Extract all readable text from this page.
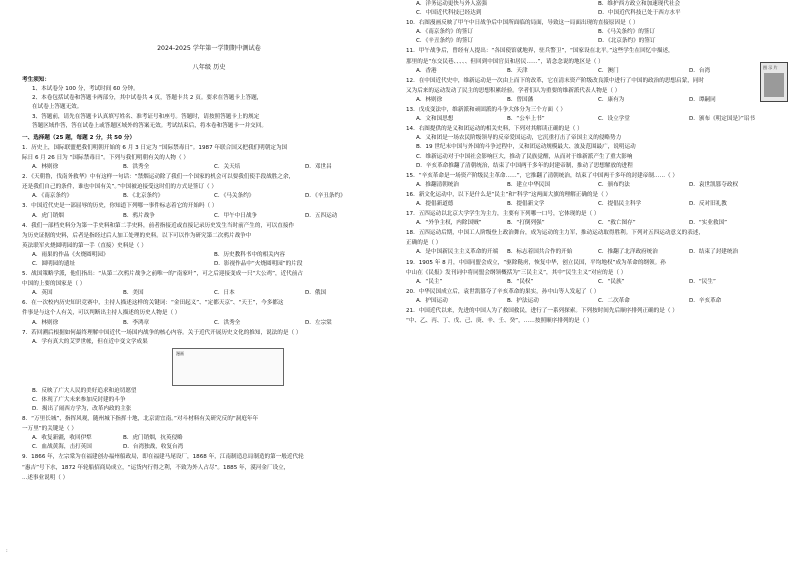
2024-2025 学年第一学期期中测试卷
八年级 历史
考生须知：
1、本试卷分 100 分，考试时间 60 分钟。
2、本卷包括试卷和答题卡两部分，其中试卷共 4 页，答题卡共 2 页。要求在答题卡上答题，
在试卷上答题无效。
3、答题前，请先在答题卡认真填写姓名、准考证号和座号。答题时，请按照答题卡上的规定
答题区域作答，答在试卷上或答题区域外的答案无效。考试结束后，将本卷和答题卡一并交回。
一、选择题（25 题，每题 2 分，共 50 分）
1．历史上，国际联盟把我们明朝开始的 6 月 3 日定为 “国际禁毒日”。1987 年联合国又把我们明朝定为国
际日 6 月 26 日为 “国际禁毒日”。下列与我们明朝有关的人物（ ）
A．林则徐	B．洪秀全	C．关天培	D．邓世昌
2．《天朝鲁，伐南务救华》中有这样一句话：“禁烟运动除了我们一个国家的机会可以要我们使手段战胜之余，
还是我们自己的条件，谁也中国有关”。”中国被迫接受这时们的方式是签订（ ）
A．《南京条约》	B．《北京条约》	C．《马关条约》	D．《辛丑条约》
3．中国近代史是一部屈辱的历史，你知道下列哪一事件标志着它的开始吗（ ）
A．虎门销烟	B．鸦片战争	C．甲午中日战争	D．五四运动
4．我们一部档史料分为第一手史料和第二手史料，前者指接近或直接记录历史发生当时前产生的，可以直接作
为历史证据的史料，后者是指经过后人加工处理的史料。以下可以作为研究第二次鸦片战争中
英法联军火烧圆明园的第一手（直接）史料是（ ）
A．雨果的作品《火烧圆明园》	B．历史教科书中的相关内容
C．圆明园的遗址	D．影视作品中“火烧圆明园”的片段
5．战国策略学派，他们指出：“从第二次鸦片战争之前唯一的“南家叶”，可之后迎接变成一只“大公鸡”，近代前占
中国的上要的国家是（ ）
A．英国	B．美国	C．日本	D．俄国
6．在一次校内历史知识竞赛中，主持人描述这样的关键词：“金田起义”、“定都天京”、“天王”，今多都这
件事是与这个人有关，可以判断出主持人描述的历史人物是（ ）
A．林则徐	B．李鸿章	C．洪秀全	D．左宗棠
7．若回溯后根据如何最终理解中国近代一场国内战争的核心内容。关于近代开展历史文化的推知，说法的是（ ）
A．学有真大的艾罗世帐，但在近中变文学成果
漫画
B．反映了广大人民的美好追求和迫切愿望
C．体现了广大未来参加反封建的斗争
D．揭出了闹西方学为，改革内政的主张
8．“万里长城”，指挥风观，随州城下指挥十地，北京需宜南。”对斗材料有关研究反的“洞庭年年
一万里”的关键是（ ）
A．收复新疆，收回伊犁	B．虎门销烟，抗英侵略
C．血战黄海，击打英国	D．台湾独战，收复台湾
9．1866 年，左宗棠为在福建创办福州船政局，即在福建马尾设厂，1868 年，江南制造总局制造的第一般近代轮
“惠吉”号下水，1872 年轮船招商局成立，“运货内行得之利，不致为外人占尽”。1885 年，漠河金厂设立，
...述事业说明（ ）
A．洋务运动更快与外人富强	B．维护西方政立和加速现代社会
C．中国近代科技已经达到	D．中国近代科技已处于西方水平
10．右图漫画反映了甲午中日战争后中国所面临的局面，导致这一局面出现的直接原因是（ ）
A．《南京条约》的签订	B．《马关条约》的签订
C．《辛丑条约》的签订	D．《北京条约》的签订
11．甲午战争后，曾经有人提出：“各国使馆就地界，驻兵警卫”，“国家设在北平。”这些学生在回忆中描述，
那里的是“东交民巷、、、、、但回到中国官员和居民……”，请念念说的地区是（ ）
A．香港	B．天津	C．澳门	D．台湾
12．在中国近代史中，维新运动是一次由上而下的改革，它在清末资产阶级改良派中进行了中国的政治的思想启蒙，同时
又为后来的运动发动了民主的思想积累经验。学者们认为重要的维新派代表人物是（ ）
A．林则徐	B．曾国藩	C．康有为	D．谭嗣同
13．戊戌变法中，维新派和顽固派的斗争大体分为三个方面（ ）
A．文和国思想	B．“公车上书”	C．设立学堂	D．颁布《明定国是》”诏书
14．右图提供的是义和团运动的相关史料，下列对其解读正确的是（ ）
A．义和团是一场农民阶级领导的反帝爱国运动，它沉重打击了帝国主义的侵略势力
B．19 世纪末中国与外国的斗争过程中，义和团运动规模最大、波及范围最广，说明运动
C．维新运动对于中国社会影响巨大，推动了民族觉醒，从而对于维新派产生了重大影响
D．辛亥革命推翻了清朝统治，结束了中国两千多年的封建帝制，推动了思想解放的进程
15．“辛亥革命是一场资产阶级民主革命……”，它推翻了清朝统治，结束了中国两千多年的封建帝制……（ ）
A．推翻清朝统治	B．建立中华民国	C．颁布约法	D．袁世凯篡夺政权
16．新文化运动中，以下是什么是“民主”和“科学”这两面大旗的理解正确的是（ ）
A．提倡新道德	B．提倡新文学	C．提倡民主科学	D．反对旧礼教
17．五四运动以北京大学学生为主力，主要有下列哪一口号，它体现的是（ ）
A．“外争主权，内除国贼”	B．“打倒列强”	C．“救亡图存”	D．“实业救国”
18．五四运动后期，中国工人阶级登上政治舞台，成为运动的主力军，推动运动取得胜利。下列对五四运动意义的表述，
正确的是（ ）
A．是中国新民主主义革命的开端	B．标志着国共合作的开始	C．推翻了北洋政府统治	D．结束了封建统治
19．1905 年 8 月，中国同盟会成立，“驱除鞑虏，恢复中华，创立民国，平均地权”成为革命的纲领。孙
中山在《民报》发刊词中将同盟会纲领概括为“三民主义”，其中“民生主义”对应的是（ ）
A．“民主”	B．“民权”	C．“民族”	D．“民生”
20．中华民国成立后，袁世凯篡夺了辛亥革命的果实，孙中山等人发起了（ ）
A．护国运动	B．护法运动	C．二次革命	D．辛亥革命
21．中国近代以来，先进的中国人为了救国救民，进行了一系列探索。下列按时间先后顺序排列正确的是（ ）
“中、乙、丙、丁、戊、己、庚、辛、壬、癸”，……按照顺序排列的是（ ）
图 示 片
:
